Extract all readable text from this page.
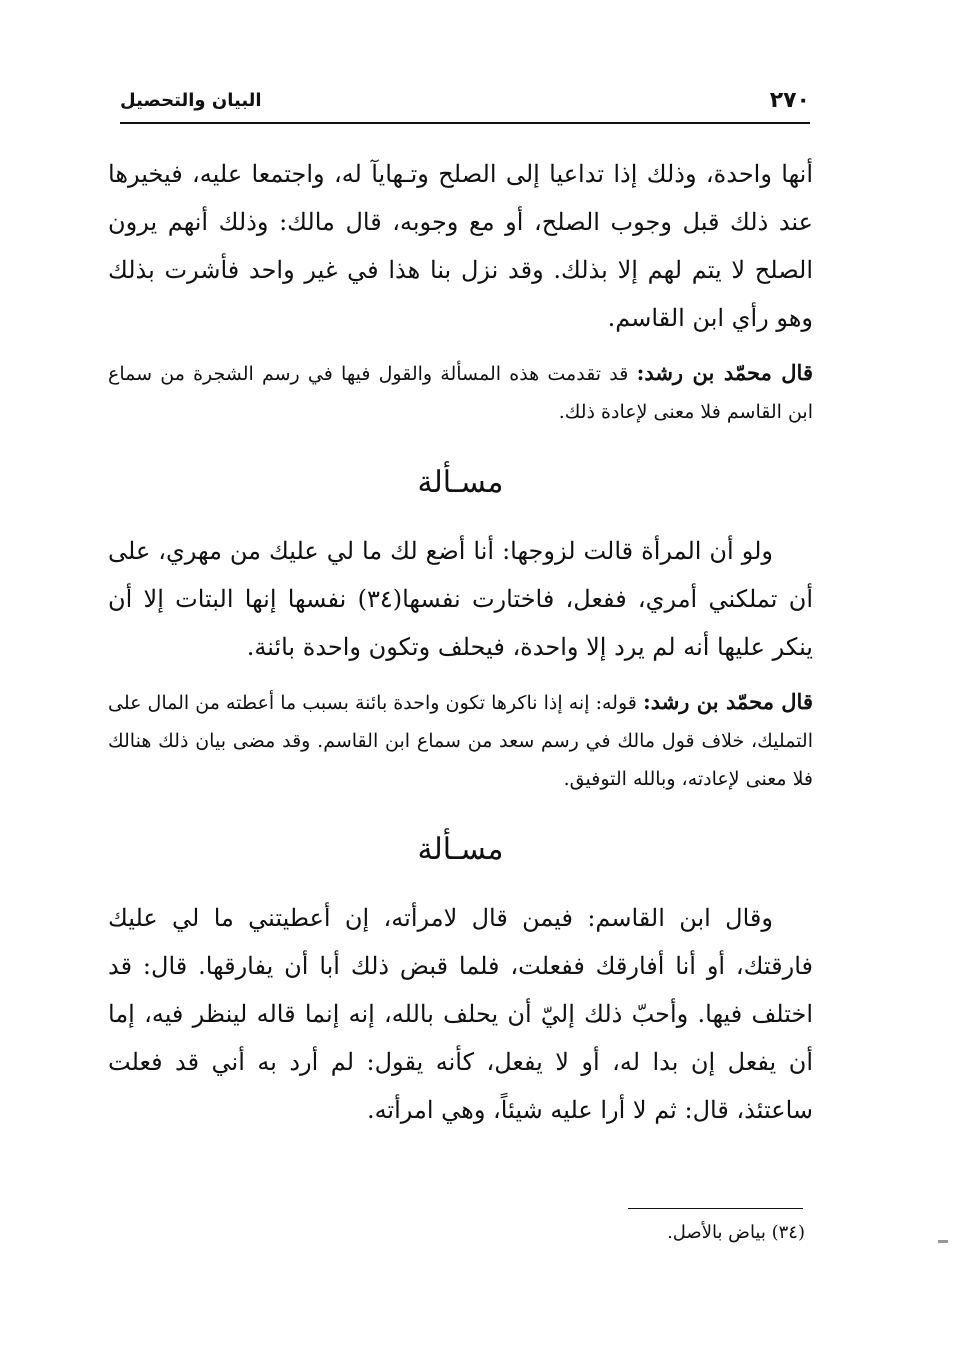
٢٧٠
البيان والتحصيل

أنها واحدة، وذلك إذا تداعيا إلى الصلح وتـهايآ له، واجتمعا عليه، فيخيرها عند ذلك قبل وجوب الصلح، أو مع وجوبه، قال مالك: وذلك أنهم يرون الصلح لا يتم لهم إلا بذلك. وقد نزل بنا هذا في غير واحد فأشرت بذلك وهو رأي ابن القاسم.

قال محمّد بن رشد: قد تقدمت هذه المسألة والقول فيها في رسم الشجرة من سماع ابن القاسم فلا معنى لإعادة ذلك.

مسـألة

ولو أن المرأة قالت لزوجها: أنا أضع لك ما لي عليك من مهري، على أن تملكني أمري، ففعل، فاختارت نفسها(٣٤) نفسها إنها البتات إلا أن ينكر عليها أنه لم يرد إلا واحدة، فيحلف وتكون واحدة بائنة.

قال محمّد بن رشد: قوله: إنه إذا ناكرها تكون واحدة بائنة بسبب ما أعطته من المال على التمليك، خلاف قول مالك في رسم سعد من سماع ابن القاسم. وقد مضى بيان ذلك هنالك فلا معنى لإعادته، وبالله التوفيق.

مسـألة

وقال ابن القاسم: فيمن قال لامرأته، إن أعطيتني ما لي عليك فارقتك، أو أنا أفارقك ففعلت، فلما قبض ذلك أبا أن يفارقها. قال: قد اختلف فيها. وأحبّ ذلك إليّ أن يحلف بالله، إنه إنما قاله لينظر فيه، إما أن يفعل إن بدا له، أو لا يفعل، كأنه يقول: لم أرد به أني قد فعلت ساعتئذ، قال: ثم لا أرا عليه شيئاً، وهي امرأته.

(٣٤) بياض بالأصل.
